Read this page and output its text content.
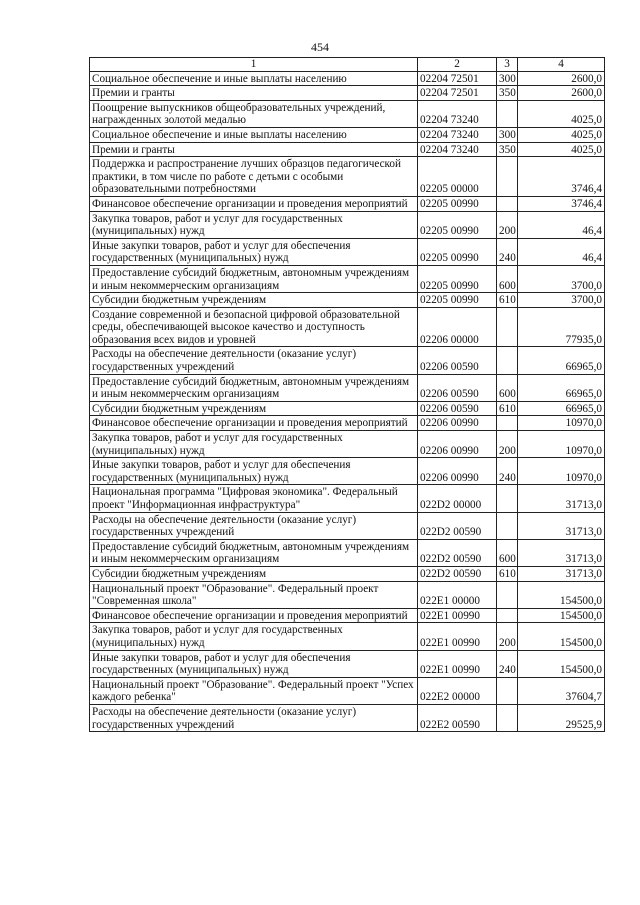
454
1	2	3	4
Социальное обеспечение и иные выплаты населению	02204 72501	300	2600,0
Премии и гранты	02204 72501	350	2600,0
Поощрение выпускников общеобразовательных учреждений, награжденных золотой медалью	02204 73240		4025,0
Социальное обеспечение и иные выплаты населению	02204 73240	300	4025,0
Премии и гранты	02204 73240	350	4025,0
Поддержка и распространение лучших образцов педагогической практики, в том числе по работе с детьми с особыми образовательными потребностями	02205 00000		3746,4
Финансовое обеспечение организации и проведения мероприятий	02205 00990		3746,4
Закупка товаров, работ и услуг для государственных (муниципальных) нужд	02205 00990	200	46,4
Иные закупки товаров, работ и услуг для обеспечения государственных (муниципальных) нужд	02205 00990	240	46,4
Предоставление субсидий бюджетным, автономным учреждениям и иным некоммерческим организациям	02205 00990	600	3700,0
Субсидии бюджетным учреждениям	02205 00990	610	3700,0
Создание современной и безопасной цифровой образовательной среды, обеспечивающей высокое качество и доступность образования всех видов и уровней	02206 00000		77935,0
Расходы на обеспечение деятельности (оказание услуг) государственных учреждений	02206 00590		66965,0
Предоставление субсидий бюджетным, автономным учреждениям и иным некоммерческим организациям	02206 00590	600	66965,0
Субсидии бюджетным учреждениям	02206 00590	610	66965,0
Финансовое обеспечение организации и проведения мероприятий	02206 00990		10970,0
Закупка товаров, работ и услуг для государственных (муниципальных) нужд	02206 00990	200	10970,0
Иные закупки товаров, работ и услуг для обеспечения государственных (муниципальных) нужд	02206 00990	240	10970,0
Национальная программа "Цифровая экономика". Федеральный проект "Информационная инфраструктура"	022D2 00000		31713,0
Расходы на обеспечение деятельности (оказание услуг) государственных учреждений	022D2 00590		31713,0
Предоставление субсидий бюджетным, автономным учреждениям и иным некоммерческим организациям	022D2 00590	600	31713,0
Субсидии бюджетным учреждениям	022D2 00590	610	31713,0
Национальный проект "Образование". Федеральный проект "Современная школа"	022E1 00000		154500,0
Финансовое обеспечение организации и проведения мероприятий	022E1 00990		154500,0
Закупка товаров, работ и услуг для государственных (муниципальных) нужд	022E1 00990	200	154500,0
Иные закупки товаров, работ и услуг для обеспечения государственных (муниципальных) нужд	022E1 00990	240	154500,0
Национальный проект "Образование". Федеральный проект "Успех каждого ребенка"	022E2 00000		37604,7
Расходы на обеспечение деятельности (оказание услуг) государственных учреждений	022E2 00590		29525,9
